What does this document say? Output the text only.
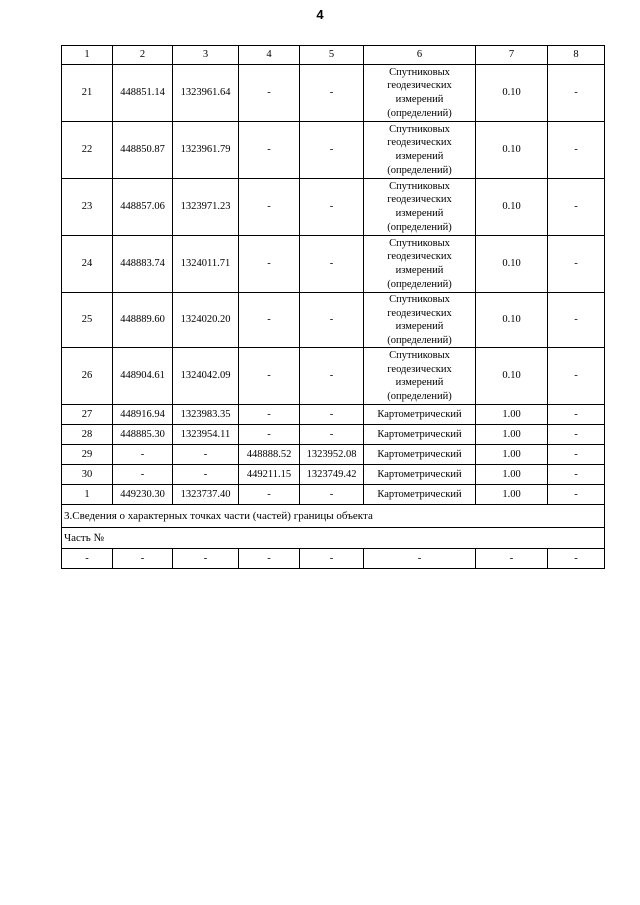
4
1	2	3	4	5	6	7	8
21	448851.14	1323961.64	-	-	Спутниковых геодезических измерений (определений)	0.10	-
22	448850.87	1323961.79	-	-	Спутниковых геодезических измерений (определений)	0.10	-
23	448857.06	1323971.23	-	-	Спутниковых геодезических измерений (определений)	0.10	-
24	448883.74	1324011.71	-	-	Спутниковых геодезических измерений (определений)	0.10	-
25	448889.60	1324020.20	-	-	Спутниковых геодезических измерений (определений)	0.10	-
26	448904.61	1324042.09	-	-	Спутниковых геодезических измерений (определений)	0.10	-
27	448916.94	1323983.35	-	-	Картометрический	1.00	-
28	448885.30	1323954.11	-	-	Картометрический	1.00	-
29	-	-	448888.52	1323952.08	Картометрический	1.00	-
30	-	-	449211.15	1323749.42	Картометрический	1.00	-
1	449230.30	1323737.40	-	-	Картометрический	1.00	-
3.Сведения о характерных точках части (частей) границы объекта							
Часть №							
-	-	-	-	-	-	-	-
